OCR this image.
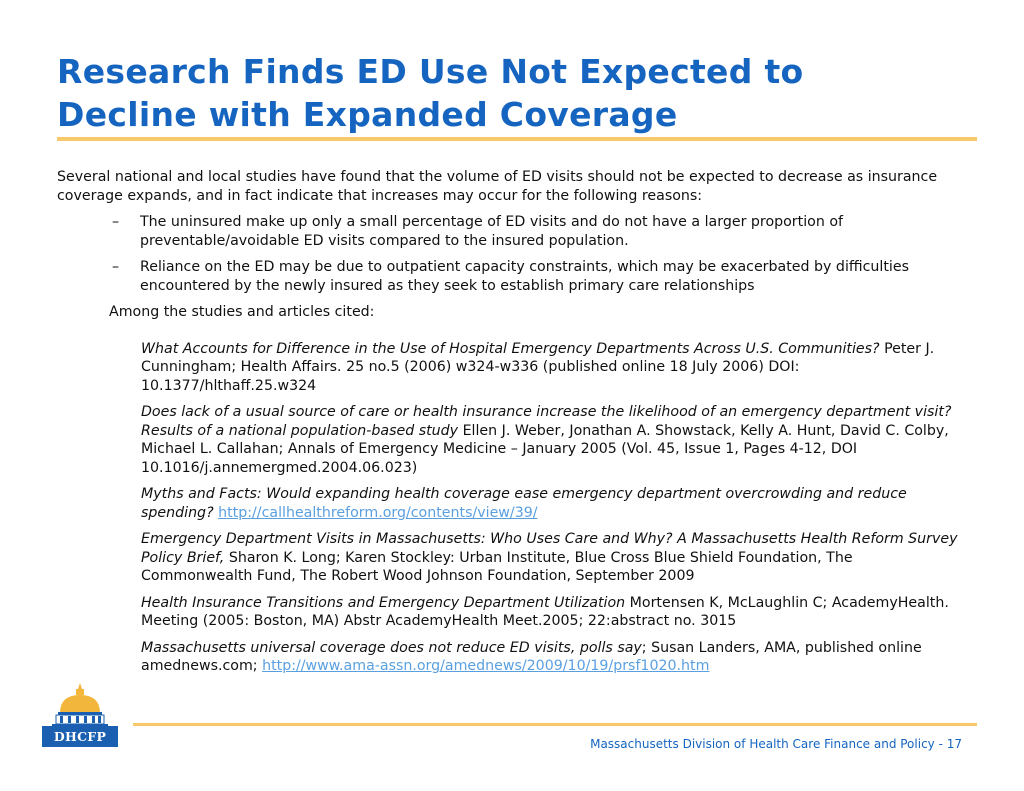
Research Finds ED Use Not Expected to
Decline with Expanded Coverage

Several national and local studies have found that the volume of ED visits should not be expected to decrease as insurance coverage expands, and in fact indicate that increases may occur for the following reasons:

– The uninsured make up only a small percentage of ED visits and do not have a larger proportion of preventable/avoidable ED visits compared to the insured population.
– Reliance on the ED may be due to outpatient capacity constraints, which may be exacerbated by difficulties encountered by the newly insured as they seek to establish primary care relationships

Among the studies and articles cited:

What Accounts for Difference in the Use of Hospital Emergency Departments Across U.S. Communities? Peter J. Cunningham; Health Affairs. 25 no.5 (2006) w324-w336 (published online 18 July 2006) DOI: 10.1377/hlthaff.25.w324

Does lack of a usual source of care or health insurance increase the likelihood of an emergency department visit? Results of a national population-based study Ellen J. Weber, Jonathan A. Showstack, Kelly A. Hunt, David C. Colby, Michael L. Callahan; Annals of Emergency Medicine – January 2005 (Vol. 45, Issue 1, Pages 4-12, DOI 10.1016/j.annemergmed.2004.06.023)

Myths and Facts: Would expanding health coverage ease emergency department overcrowding and reduce spending? http://callhealthreform.org/contents/view/39/

Emergency Department Visits in Massachusetts: Who Uses Care and Why? A Massachusetts Health Reform Survey Policy Brief, Sharon K. Long; Karen Stockley: Urban Institute, Blue Cross Blue Shield Foundation, The Commonwealth Fund, The Robert Wood Johnson Foundation, September 2009

Health Insurance Transitions and Emergency Department Utilization Mortensen K, McLaughlin C; AcademyHealth. Meeting (2005: Boston, MA) Abstr AcademyHealth Meet.2005; 22:abstract no. 3015

Massachusetts universal coverage does not reduce ED visits, polls say; Susan Landers, AMA, published online amednews.com; http://www.ama-assn.org/amednews/2009/10/19/prsf1020.htm

DHCFP	Massachusetts Division of Health Care Finance and Policy - 17
